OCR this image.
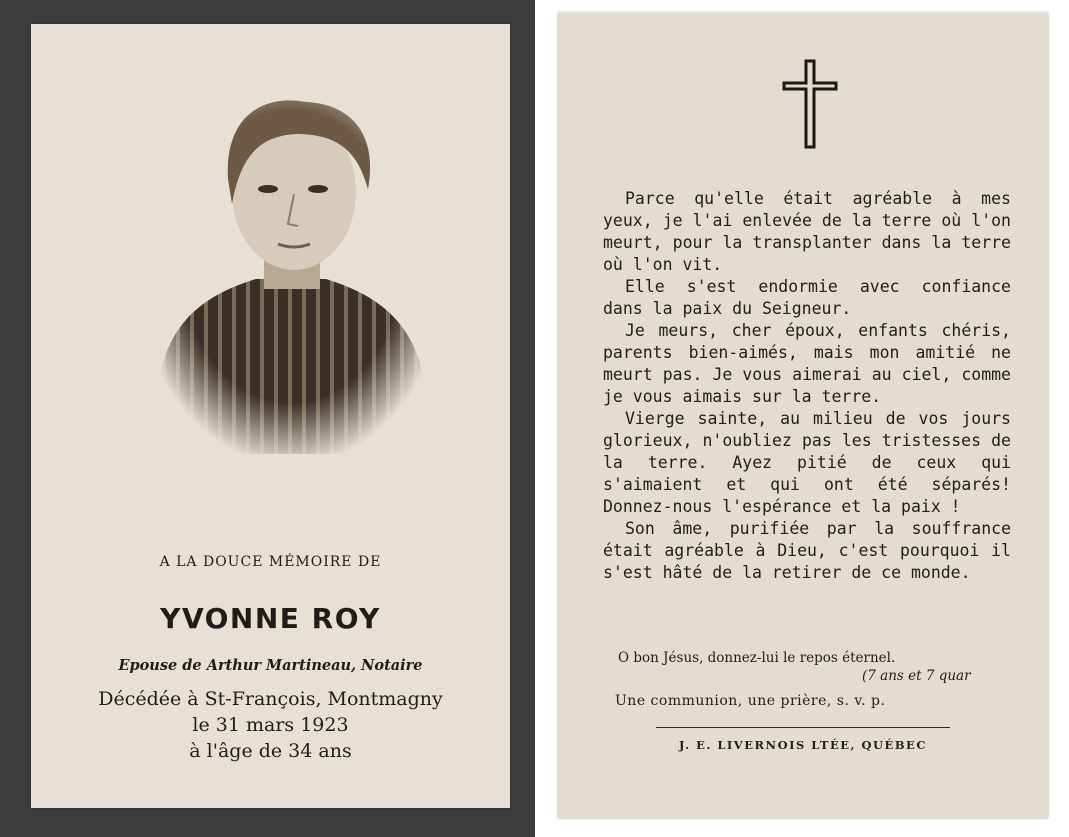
A LA DOUCE MÉMOIRE DE
YVONNE ROY
Epouse de Arthur Martineau, Notaire
Décédée à St-François, Montmagny
le 31 mars 1923
à l'âge de 34 ans

Parce qu'elle était agréable à mes yeux, je l'ai enlevée de la terre où l'on meurt, pour la transplanter dans la terre où l'on vit.

Elle s'est endormie avec confiance dans la paix du Seigneur.

Je meurs, cher époux, enfants chéris, parents bien-aimés, mais mon amitié ne meurt pas. Je vous aimerai au ciel, comme je vous aimais sur la terre.

Vierge sainte, au milieu de vos jours glorieux, n'oubliez pas les tristesses de la terre. Ayez pitié de ceux qui s'aimaient et qui ont été séparés! Donnez-nous l'espérance et la paix !

Son âme, purifiée par la souffrance était agréable à Dieu, c'est pourquoi il s'est hâté de la retirer de ce monde.

O bon Jésus, donnez-lui le repos éternel.
(7 ans et 7 quar
Une communion, une prière, s. v. p.
J. E. LIVERNOIS LTÉE, QUÉBEC
